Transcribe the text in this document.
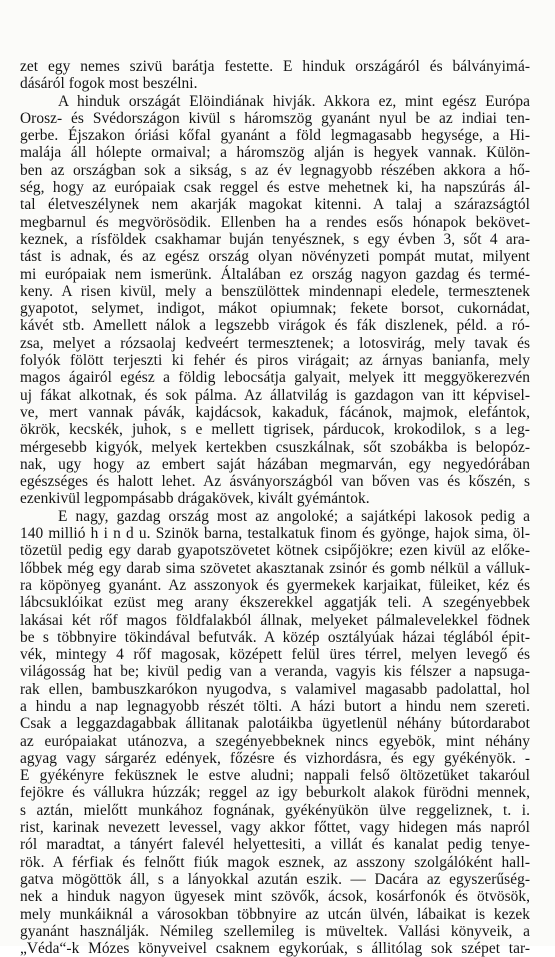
zet egy nemes szivü barátja festette. E hinduk országáról és bálványimá-
dásáról fogok most beszélni.
A hinduk országát Elöindiának hivják. Akkora ez, mint egész Európa
Orosz- és Svédországon kivül s háromszög gyanánt nyul be az indiai ten-
gerbe. Éjszakon óriási kőfal gyanánt a föld legmagasabb hegysége, a Hi-
malája áll hólepte ormaival; a háromszög alján is hegyek vannak. Külön-
ben az országban sok a sikság, s az év legnagyobb részében akkora a hő-
ség, hogy az európaiak csak reggel és estve mehetnek ki, ha napszúrás ál-
tal életveszélynek nem akarják magokat kitenni. A talaj a szárazságtól
megbarnul és megvörösödik. Ellenben ha a rendes esős hónapok bekövet-
keznek, a rísföldek csakhamar buján tenyésznek, s egy évben 3, sőt 4 ara-
tást is adnak, és az egész ország olyan növényzeti pompát mutat, milyent
mi európaiak nem ismerünk. Általában ez ország nagyon gazdag és termé-
keny. A risen kivül, mely a benszülöttek mindennapi eledele, termesztenek
gyapotot, selymet, indigot, mákot opiumnak; fekete borsot, cukornádat,
kávét stb. Amellett nálok a legszebb virágok és fák diszlenek, péld. a ró-
zsa, melyet a rózsaolaj kedveért termesztenek; a lotosvirág, mely tavak és
folyók fölött terjeszti ki fehér és piros virágait; az árnyas banianfa, mely
magos ágairól egész a földig lebocsátja galyait, melyek itt meggyökerezvén
uj fákat alkotnak, és sok pálma. Az állatvilág is gazdagon van itt képvisel-
ve, mert vannak pávák, kajdácsok, kakaduk, fácánok, majmok, elefántok,
ökrök, kecskék, juhok, s e mellett tigrisek, párducok, krokodilok, s a leg-
mérgesebb kigyók, melyek kertekben csuszkálnak, sőt szobákba is belopóz-
nak, ugy hogy az embert saját házában megmarván, egy negyedórában
egészséges és halott lehet. Az ásványországból van bőven vas és kőszén, s
ezenkivül legpompásabb drágakövek, kivált gyémántok.
E nagy, gazdag ország most az angoloké; a sajátképi lakosok pedig a
140 millió h i n d u. Szinök barna, testalkatuk finom és gyönge, hajok sima, öl-
tözetül pedig egy darab gyapotszövetet kötnek csipőjökre; ezen kivül az előke-
lőbbek még egy darab sima szövetet akasztanak zsinór és gomb nélkül a válluk-
ra köpönyeg gyanánt. Az asszonyok és gyermekek karjaikat, füleiket, kéz és
lábcsuklóikat ezüst meg arany ékszerekkel aggatják teli. A szegényebbek
lakásai két rőf magos földfalakból állnak, melyeket pálmalevelekkel födnek
be s többnyire tökindával befutvák. A közép osztályúak házai téglából épit-
vék, mintegy 4 rőf magosak, középett felül üres térrel, melyen levegő és
világosság hat be; kivül pedig van a veranda, vagyis kis félszer a napsuga-
rak ellen, bambuszkarókon nyugodva, s valamivel magasabb padolattal, hol
a hindu a nap legnagyobb részét tölti. A házi butort a hindu nem szereti.
Csak a leggazdagabbak állitanak palotáikba ügyetlenül néhány bútordarabot
az európaiakat utánozva, a szegényebbeknek nincs egyebök, mint néhány
agyag vagy sárgaréz edények, főzésre és vizhordásra, és egy gyékényök. -
E gyékényre feküsznek le estve aludni; nappali felső öltözetüket takaróul
fejökre és vállukra húzzák; reggel az igy beburkolt alakok fürödni mennek,
s aztán, mielőtt munkához fognának, gyékényükön ülve reggeliznek, t. i.
rist, karinak nevezett levessel, vagy akkor főttet, vagy hidegen más napról
ról maradtat, a tányért falevél helyettesiti, a villát és kanalat pedig tenye-
rök. A férfiak és felnőtt fiúk magok esznek, az asszony szolgálóként hall-
gatva mögöttök áll, s a lányokkal azután eszik. — Dacára az egyszerűség-
nek a hinduk nagyon ügyesek mint szövők, ácsok, kosárfonók és ötvösök,
mely munkáiknál a városokban többnyire az utcán ülvén, lábaikat is kezek
gyanánt használják. Némileg szellemileg is müveltek. Vallási könyveik, a
„Véda“-k Mózes könyveivel csaknem egykorúak, s állitólag sok szépet tar-
